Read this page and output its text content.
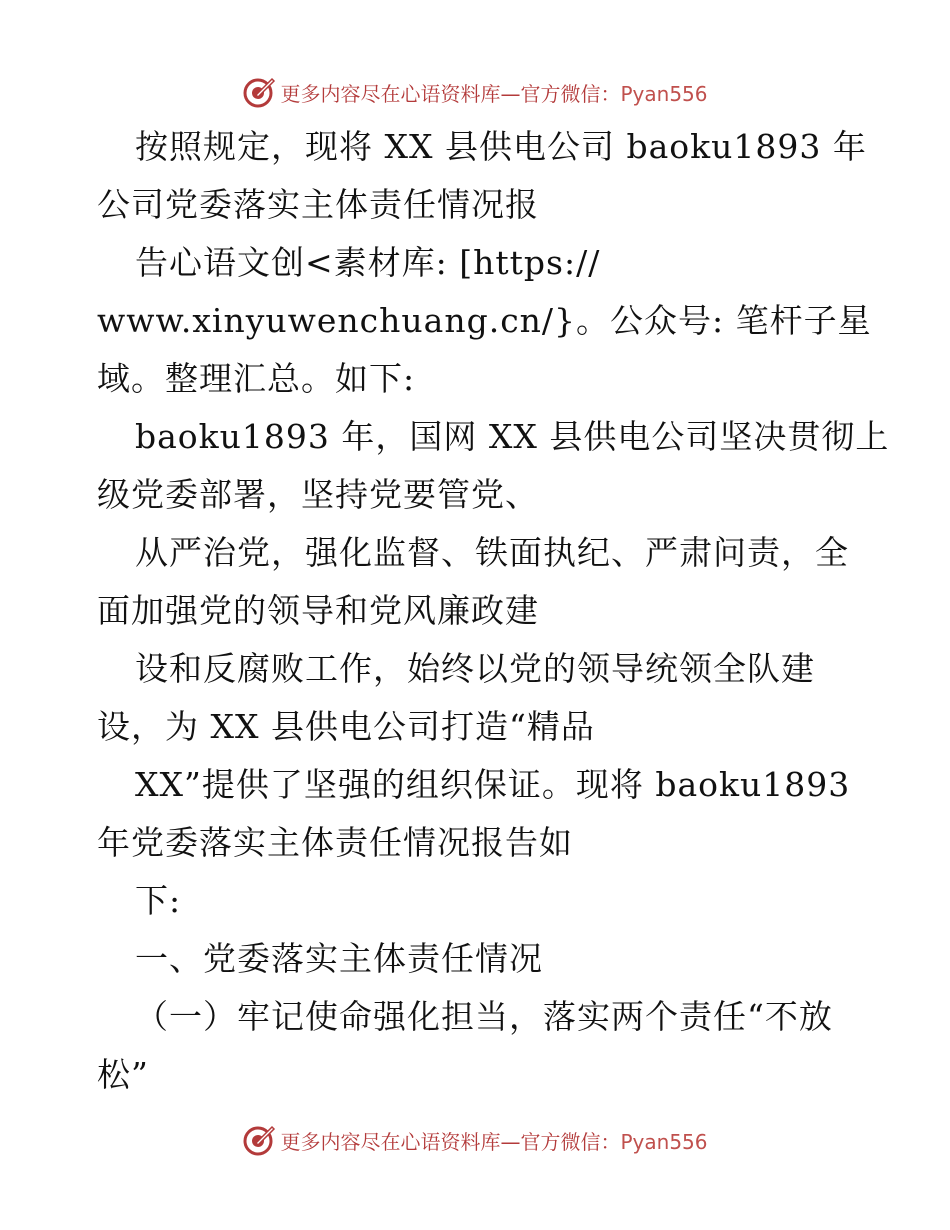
更多内容尽在心语资料库—官方微信：Pyan556
按照规定，现将 XX 县供电公司 baoku1893 年
公司党委落实主体责任情况报
告心语文创<素材库: [https://
www.xinyuwenchuang.cn/}。公众号: 笔杆子星
域。整理汇总。如下:
baoku1893 年，国网 XX 县供电公司坚决贯彻上
级党委部署，坚持党要管党、
从严治党，强化监督、铁面执纪、严肃问责，全
面加强党的领导和党风廉政建
设和反腐败工作，始终以党的领导统领全队建
设，为 XX 县供电公司打造“精品
XX”提供了坚强的组织保证。现将 baoku1893
年党委落实主体责任情况报告如
下:
一、党委落实主体责任情况
（一）牢记使命强化担当，落实两个责任“不放
松”
更多内容尽在心语资料库—官方微信：Pyan556
